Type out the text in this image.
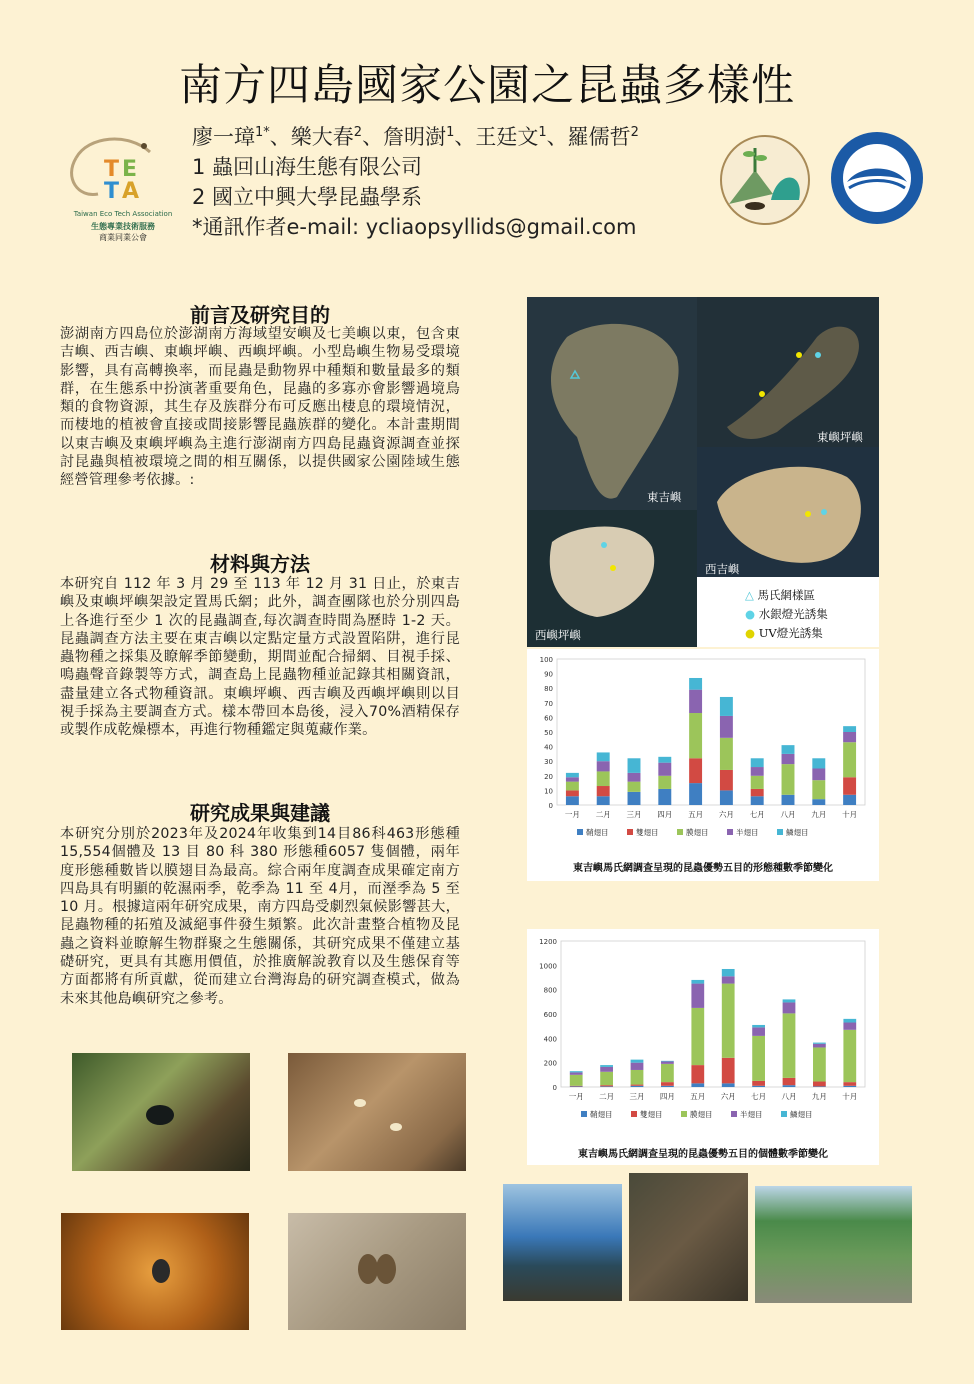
南方四島國家公園之昆蟲多樣性
T E
T A
Taiwan Eco Tech Association
生態專業技術服務
商業同業公會
廖一璋$^{1*}$、樂大春$^2$、詹明澍$^1$、王廷文$^1$、羅儒哲$^2$
1 蟲回山海生態有限公司
2 國立中興大學昆蟲學系
*通訊作者e-mail: ycliaopsyllids@gmail.com
前言及研究目的
澎湖南方四島位於澎湖南方海域望安嶼及七美嶼以東，包含東吉嶼、西吉嶼、東嶼坪嶼、西嶼坪嶼。小型島嶼生物易受環境影響，具有高轉換率，而昆蟲是動物界中種類和數量最多的類群，在生態系中扮演著重要角色，昆蟲的多寡亦會影響過境鳥類的食物資源，其生存及族群分布可反應出棲息的環境情況，而棲地的植被會直接或間接影響昆蟲族群的變化。本計畫期間以東吉嶼及東嶼坪嶼為主進行澎湖南方四島昆蟲資源調查並探討昆蟲與植被環境之間的相互關係，以提供國家公園陸域生態經營管理參考依據。:
材料與方法
本研究自 112 年 3 月 29 至 113 年 12 月 31 日止，於東吉嶼及東嶼坪嶼架設定置馬氏網；此外，調查團隊也於分別四島上各進行至少 1 次的昆蟲調查,每次調查時間為歷時 1-2 天。昆蟲調查方法主要在東吉嶼以定點定量方式設置陷阱，進行昆蟲物種之採集及瞭解季節變動，期間並配合掃網、目視手採、鳴蟲聲音錄製等方式，調查島上昆蟲物種並記錄其相關資訊，盡量建立各式物種資訊。東嶼坪嶼、西吉嶼及西嶼坪嶼則以目視手採為主要調查方式。樣本帶回本島後，浸入70%酒精保存或製作成乾燥標本，再進行物種鑑定與蒐藏作業。
研究成果與建議
本研究分別於2023年及2024年收集到14目86科463形態種15,554個體及 13 目 80 科 380 形態種6057 隻個體，兩年度形態種數皆以膜翅目為最高。綜合兩年度調查成果確定南方四島具有明顯的乾濕兩季，乾季為 11 至 4月，而溼季為 5 至 10 月。根據這兩年研究成果，南方四島受劇烈氣候影響甚大，昆蟲物種的拓殖及滅絕事件發生頻繁。此次計畫整合植物及昆蟲之資料並瞭解生物群聚之生態關係，其研究成果不僅建立基礎研究，更具有其應用價值，於推廣解說教育以及生態保育等方面都將有所貢獻，從而建立台灣海島的研究調查模式，做為未來其他島嶼研究之參考。
東嶼坪嶼
東吉嶼
西吉嶼
西嶼坪嶼
△ 馬氏網樣區
● 水銀燈光誘集
● UV燈光誘集
0
10
20
30
40
50
60
70
80
90
100
一月 二月 三月 四月 五月 六月 七月 八月 九月 十月
鞘翅目	雙翅目	膜翅目	半翅目	鱗翅目
東吉嶼馬氏網調查呈現的昆蟲優勢五目的形態種數季節變化
0
200
400
600
800
1000
1200
一月 二月 三月 四月 五月 六月 七月 八月 九月 十月
鞘翅目	雙翅目	膜翅目	半翅目	鱗翅目
東吉嶼馬氏網調查呈現的昆蟲優勢五目的個體數季節變化
